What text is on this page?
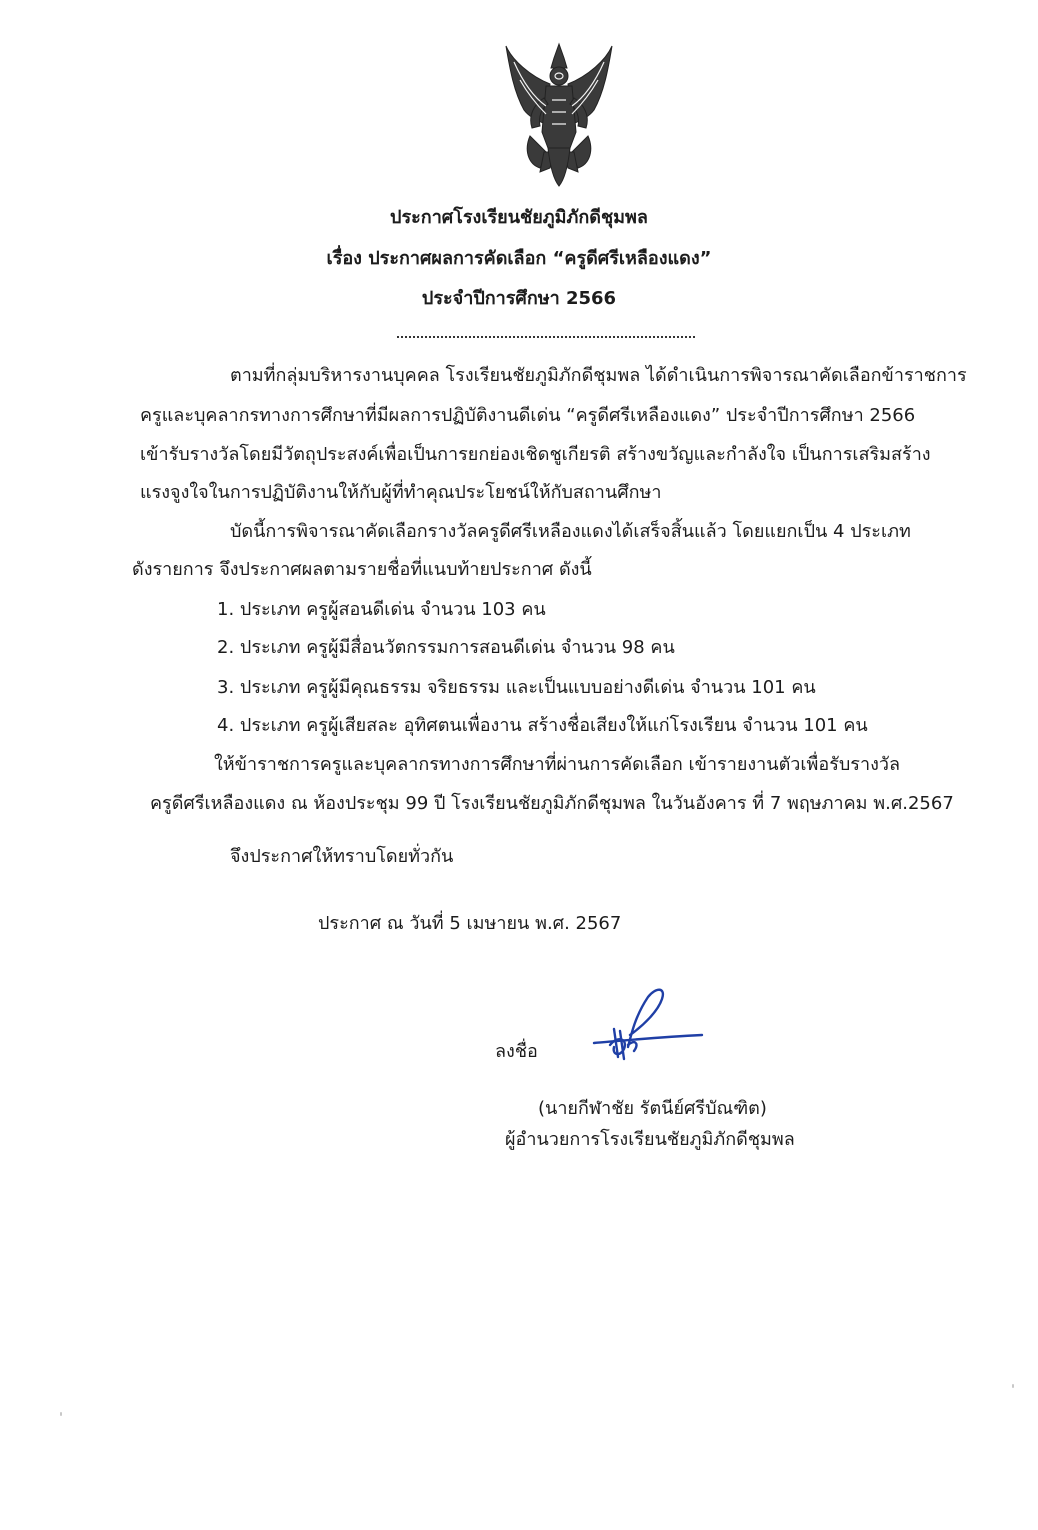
ประกาศโรงเรียนชัยภูมิภักดีชุมพล
เรื่อง ประกาศผลการคัดเลือก “ครูดีศรีเหลืองแดง”
ประจำปีการศึกษา 2566
ตามที่กลุ่มบริหารงานบุคคล โรงเรียนชัยภูมิภักดีชุมพล ได้ดำเนินการพิจารณาคัดเลือกข้าราชการ
ครูและบุคลากรทางการศึกษาที่มีผลการปฏิบัติงานดีเด่น “ครูดีศรีเหลืองแดง” ประจำปีการศึกษา 2566
เข้ารับรางวัลโดยมีวัตถุประสงค์เพื่อเป็นการยกย่องเชิดชูเกียรติ สร้างขวัญและกำลังใจ เป็นการเสริมสร้าง
แรงจูงใจในการปฏิบัติงานให้กับผู้ที่ทำคุณประโยชน์ให้กับสถานศึกษา
บัดนี้การพิจารณาคัดเลือกรางวัลครูดีศรีเหลืองแดงได้เสร็จสิ้นแล้ว โดยแยกเป็น 4 ประเภท
ดังรายการ จึงประกาศผลตามรายชื่อที่แนบท้ายประกาศ ดังนี้
1. ประเภท ครูผู้สอนดีเด่น จำนวน 103 คน
2. ประเภท ครูผู้มีสื่อนวัตกรรมการสอนดีเด่น จำนวน 98 คน
3. ประเภท ครูผู้มีคุณธรรม จริยธรรม และเป็นแบบอย่างดีเด่น จำนวน 101 คน
4. ประเภท ครูผู้เสียสละ อุทิศตนเพื่องาน สร้างชื่อเสียงให้แก่โรงเรียน จำนวน 101 คน
ให้ข้าราชการครูและบุคลากรทางการศึกษาที่ผ่านการคัดเลือก เข้ารายงานตัวเพื่อรับรางวัล
ครูดีศรีเหลืองแดง ณ ห้องประชุม 99 ปี โรงเรียนชัยภูมิภักดีชุมพล ในวันอังคาร ที่ 7 พฤษภาคม พ.ศ.2567
จึงประกาศให้ทราบโดยทั่วกัน
ประกาศ ณ วันที่ 5 เมษายน พ.ศ. 2567
ลงชื่อ
(นายกีฬาชัย รัตนีย์ศรีบัณฑิต)
ผู้อำนวยการโรงเรียนชัยภูมิภักดีชุมพล
